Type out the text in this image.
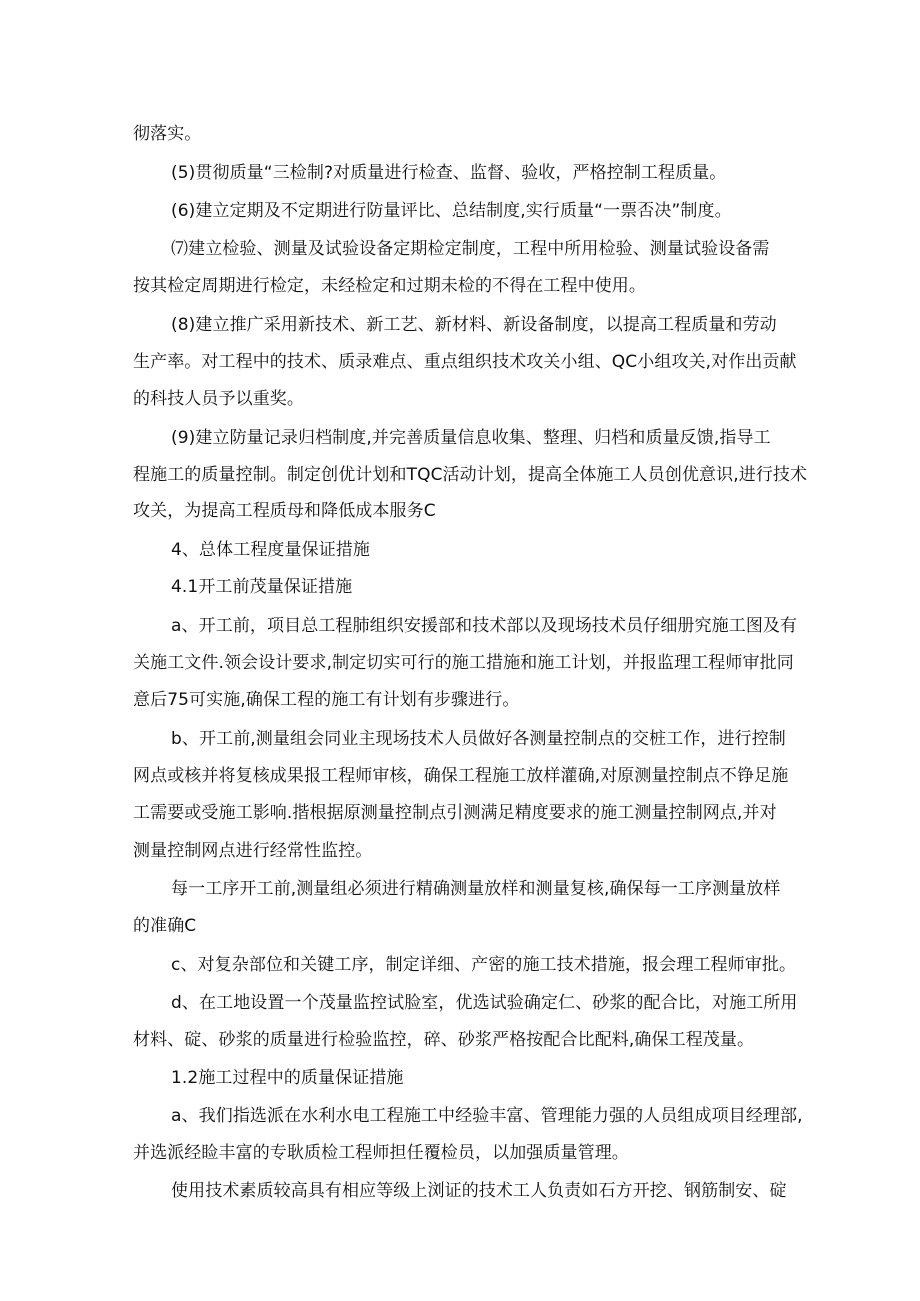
彻落实。
(5)贯彻质量“三检制?对质量进行检查、监督、验收，严格控制工程质量。
(6)建立定期及不定期进行防量评比、总结制度,实行质量“一票否决”制度。
⑺建立检验、测量及试验设备定期检定制度，工程中所用检验、测量试验设备需
按其检定周期进行检定，未经检定和过期未检的不得在工程中使用。
(8)建立推广采用新技术、新工艺、新材料、新设备制度，以提高工程质量和劳动
生产率。对工程中的技术、质录难点、重点组织技术攻关小组、QC小组攻关,对作出贡献
的科技人员予以重奖。
(9)建立防量记录归档制度,并完善质量信息收集、整理、归档和质量反馈,指导工
程施工的质量控制。制定创优计划和TQC活动计划，提高全体施工人员创优意识,进行技术
攻关，为提高工程质母和降低成本服务C
4、总体工程度量保证措施
4.1开工前茂量保证措施
a、开工前，项目总工程肺组织安援部和技术部以及现场技术员仔细册究施工图及有
关施工文件.领会设计要求,制定切实可行的施工措施和施工计划，并报监理工程师审批同
意后75可实施,确保工程的施工有计划有步骤进行。
b、开工前,测量组会同业主现场技术人员做好各测量控制点的交桩工作，进行控制
网点或核并将复核成果报工程师审核，确保工程施工放样灌确,对原测量控制点不铮足施
工需要或受施工影响.揩根据原测量控制点引测满足精度要求的施工测量控制网点,并对
测量控制网点进行经常性监控。
每一工序开工前,测量组必须进行精确测量放样和测量复核,确保每一工序测量放样
的准确C
c、对复杂部位和关键工序，制定详细、产密的施工技术措施，报会理工程师审批。
d、在工地设置一个茂量监控试脸室，优选试验确定仁、砂浆的配合比，对施工所用
材料、碇、砂浆的质量进行检验监控，碎、砂浆严格按配合比配料,确保工程茂量。
1.2施工过程中的质量保证措施
a、我们指选派在水利水电工程施工中经验丰富、管理能力强的人员组成项目经理部,
并选派经睑丰富的专耿质检工程师担任覆检员，以加强质量管理。
使用技术素质较高具有相应等级上浏证的技术工人负责如石方开挖、钢筋制安、碇
